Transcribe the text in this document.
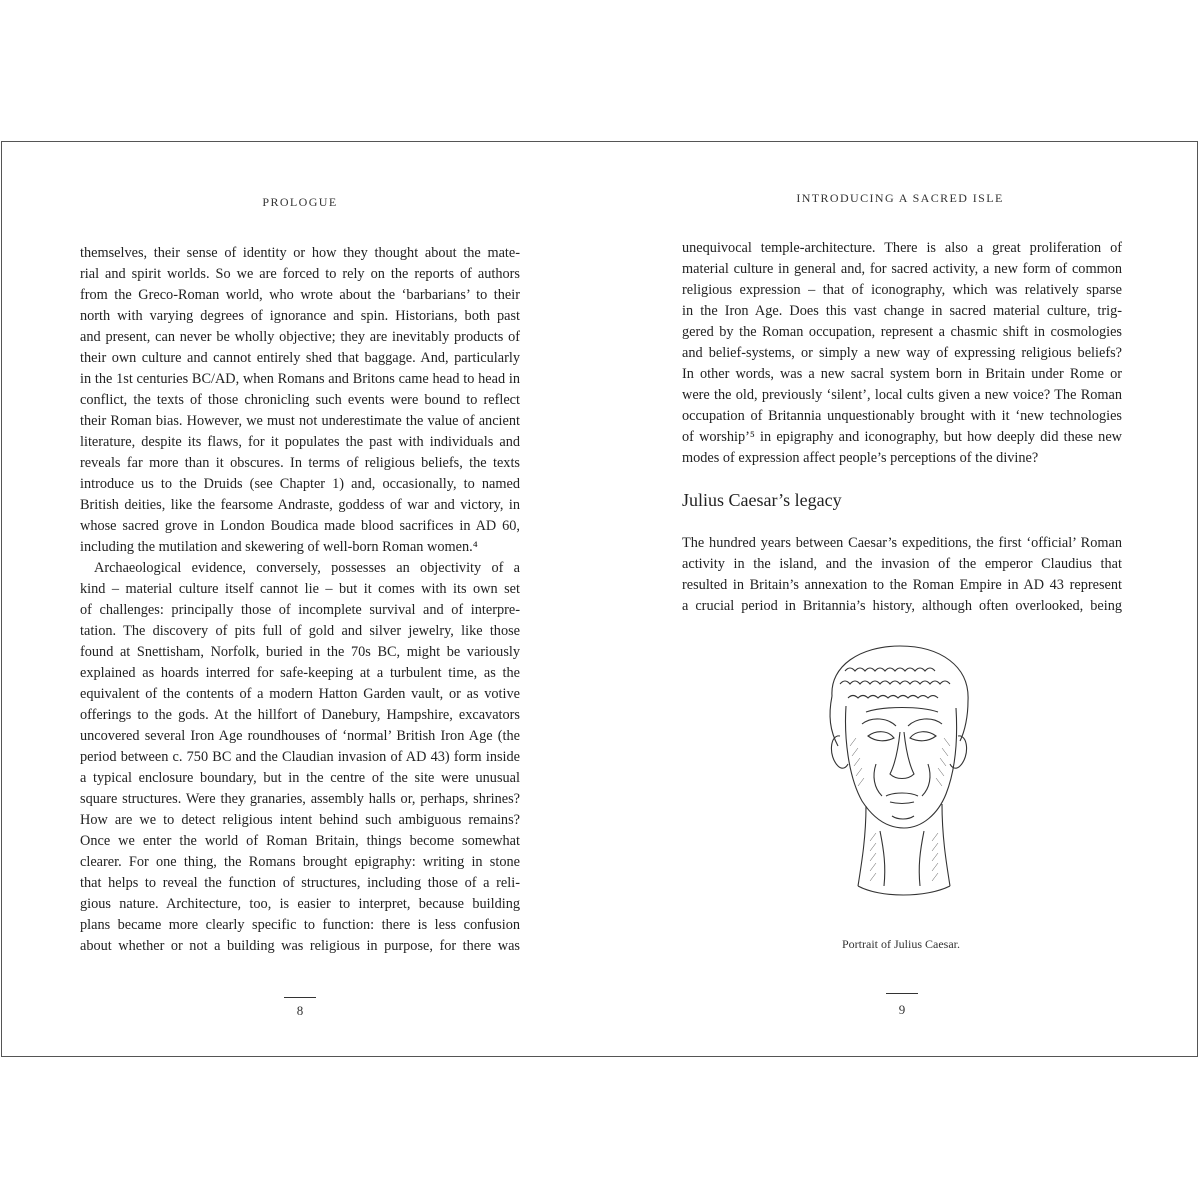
PROLOGUE
themselves, their sense of identity or how they thought about the mate-
rial and spirit worlds. So we are forced to rely on the reports of authors
from the Greco-Roman world, who wrote about the ‘barbarians’ to their
north with varying degrees of ignorance and spin. Historians, both past
and present, can never be wholly objective; they are inevitably products of
their own culture and cannot entirely shed that baggage. And, particularly
in the 1st centuries BC/AD, when Romans and Britons came head to head in
conflict, the texts of those chronicling such events were bound to reflect
their Roman bias. However, we must not underestimate the value of ancient
literature, despite its flaws, for it populates the past with individuals and
reveals far more than it obscures. In terms of religious beliefs, the texts
introduce us to the Druids (see Chapter 1) and, occasionally, to named
British deities, like the fearsome Andraste, goddess of war and victory, in
whose sacred grove in London Boudica made blood sacrifices in AD 60,
including the mutilation and skewering of well-born Roman women.⁴
Archaeological evidence, conversely, possesses an objectivity of a
kind – material culture itself cannot lie – but it comes with its own set
of challenges: principally those of incomplete survival and of interpre-
tation. The discovery of pits full of gold and silver jewelry, like those
found at Snettisham, Norfolk, buried in the 70s BC, might be variously
explained as hoards interred for safe-keeping at a turbulent time, as the
equivalent of the contents of a modern Hatton Garden vault, or as votive
offerings to the gods. At the hillfort of Danebury, Hampshire, excavators
uncovered several Iron Age roundhouses of ‘normal’ British Iron Age (the
period between c. 750 BC and the Claudian invasion of AD 43) form inside
a typical enclosure boundary, but in the centre of the site were unusual
square structures. Were they granaries, assembly halls or, perhaps, shrines?
How are we to detect religious intent behind such ambiguous remains?
Once we enter the world of Roman Britain, things become somewhat
clearer. For one thing, the Romans brought epigraphy: writing in stone
that helps to reveal the function of structures, including those of a reli-
gious nature. Architecture, too, is easier to interpret, because building
plans became more clearly specific to function: there is less confusion
about whether or not a building was religious in purpose, for there was
8
INTRODUCING A SACRED ISLE
unequivocal temple-architecture. There is also a great proliferation of
material culture in general and, for sacred activity, a new form of common
religious expression – that of iconography, which was relatively sparse
in the Iron Age. Does this vast change in sacred material culture, trig-
gered by the Roman occupation, represent a chasmic shift in cosmologies
and belief-systems, or simply a new way of expressing religious beliefs?
In other words, was a new sacral system born in Britain under Rome or
were the old, previously ‘silent’, local cults given a new voice? The Roman
occupation of Britannia unquestionably brought with it ‘new technologies
of worship’⁵ in epigraphy and iconography, but how deeply did these new
modes of expression affect people’s perceptions of the divine?
Julius Caesar’s legacy
The hundred years between Caesar’s expeditions, the first ‘official’ Roman
activity in the island, and the invasion of the emperor Claudius that
resulted in Britain’s annexation to the Roman Empire in AD 43 represent
a crucial period in Britannia’s history, although often overlooked, being
Portrait of Julius Caesar.
9
